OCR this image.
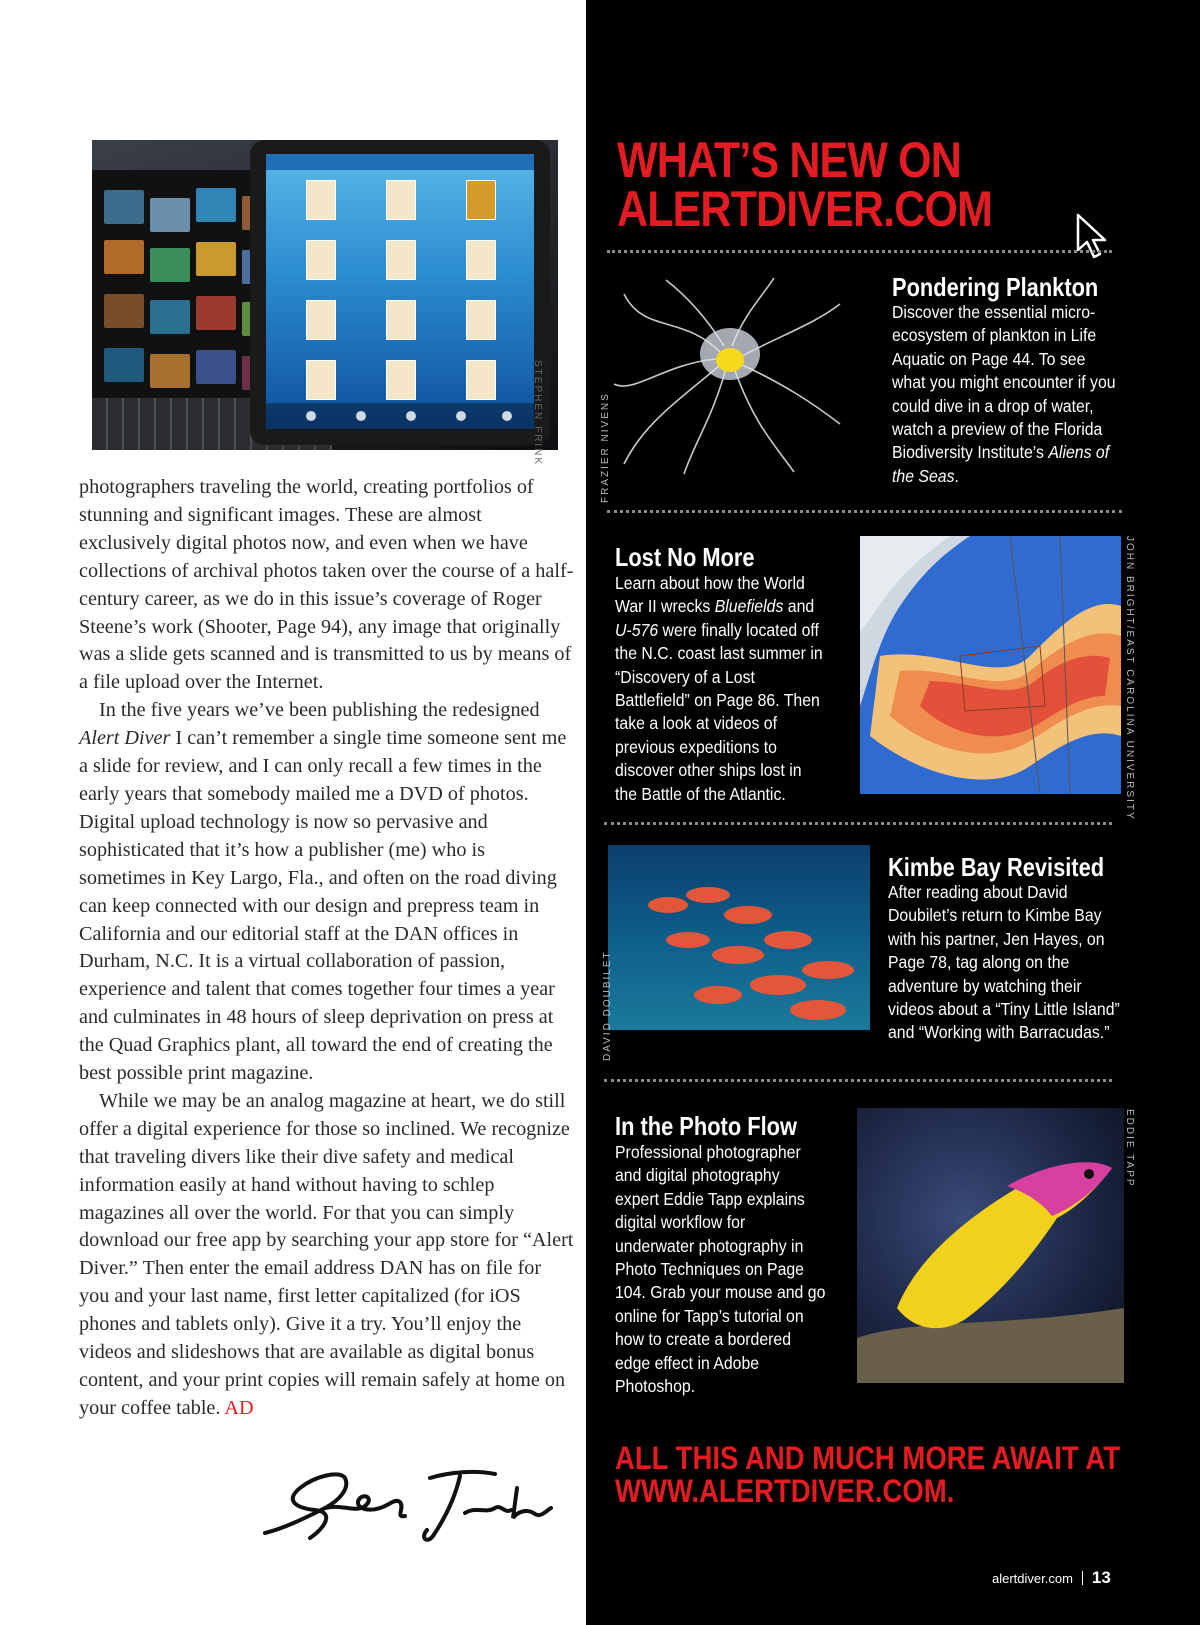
STEPHEN FRINK

photographers traveling the world, creating portfolios of stunning and significant images. These are almost exclusively digital photos now, and even when we have collections of archival photos taken over the course of a half-century career, as we do in this issue’s coverage of Roger Steene’s work (Shooter, Page 94), any image that originally was a slide gets scanned and is transmitted to us by means of a file upload over the Internet.

In the five years we’ve been publishing the redesigned Alert Diver I can’t remember a single time someone sent me a slide for review, and I can only recall a few times in the early years that somebody mailed me a DVD of photos. Digital upload technology is now so pervasive and sophisticated that it’s how a publisher (me) who is sometimes in Key Largo, Fla., and often on the road diving can keep connected with our design and prepress team in California and our editorial staff at the DAN offices in Durham, N.C. It is a virtual collaboration of passion, experience and talent that comes together four times a year and culminates in 48 hours of sleep deprivation on press at the Quad Graphics plant, all toward the end of creating the best possible print magazine.

While we may be an analog magazine at heart, we do still offer a digital experience for those so inclined. We recognize that traveling divers like their dive safety and medical information easily at hand without having to schlep magazines all over the world. For that you can simply download our free app by searching your app store for “Alert Diver.” Then enter the email address DAN has on file for you and your last name, first letter capitalized (for iOS phones and tablets only). Give it a try. You’ll enjoy the videos and slideshows that are available as digital bonus content, and your print copies will remain safely at home on your coffee table. AD

WHAT’S NEW ON
ALERTDIVER.COM
FRAZIER NIVENS
Pondering Plankton
Discover the essential micro-ecosystem of plankton in Life Aquatic on Page 44. To see what you might encounter if you could dive in a drop of water, watch a preview of the Florida Biodiversity Institute’s Aliens of the Seas.
Lost No More
Learn about how the World War II wrecks Bluefields and U-576 were finally located off the N.C. coast last summer in “Discovery of a Lost Battlefield” on Page 86. Then take a look at videos of previous expeditions to discover other ships lost in the Battle of the Atlantic.	JOHN BRIGHT/EAST CAROLINA UNIVERSITY
DAVID DOUBILET
Kimbe Bay Revisited
After reading about David Doubilet’s return to Kimbe Bay with his partner, Jen Hayes, on Page 78, tag along on the adventure by watching their videos about a “Tiny Little Island” and “Working with Barracudas.”
In the Photo Flow
Professional photographer and digital photography expert Eddie Tapp explains digital workflow for underwater photography in Photo Techniques on Page 104. Grab your mouse and go online for Tapp’s tutorial on how to create a bordered edge effect in Adobe Photoshop.
EDDIE TAPP
ALL THIS AND MUCH MORE AWAIT AT
WWW.ALERTDIVER.COM.
alertdiver.com 13
